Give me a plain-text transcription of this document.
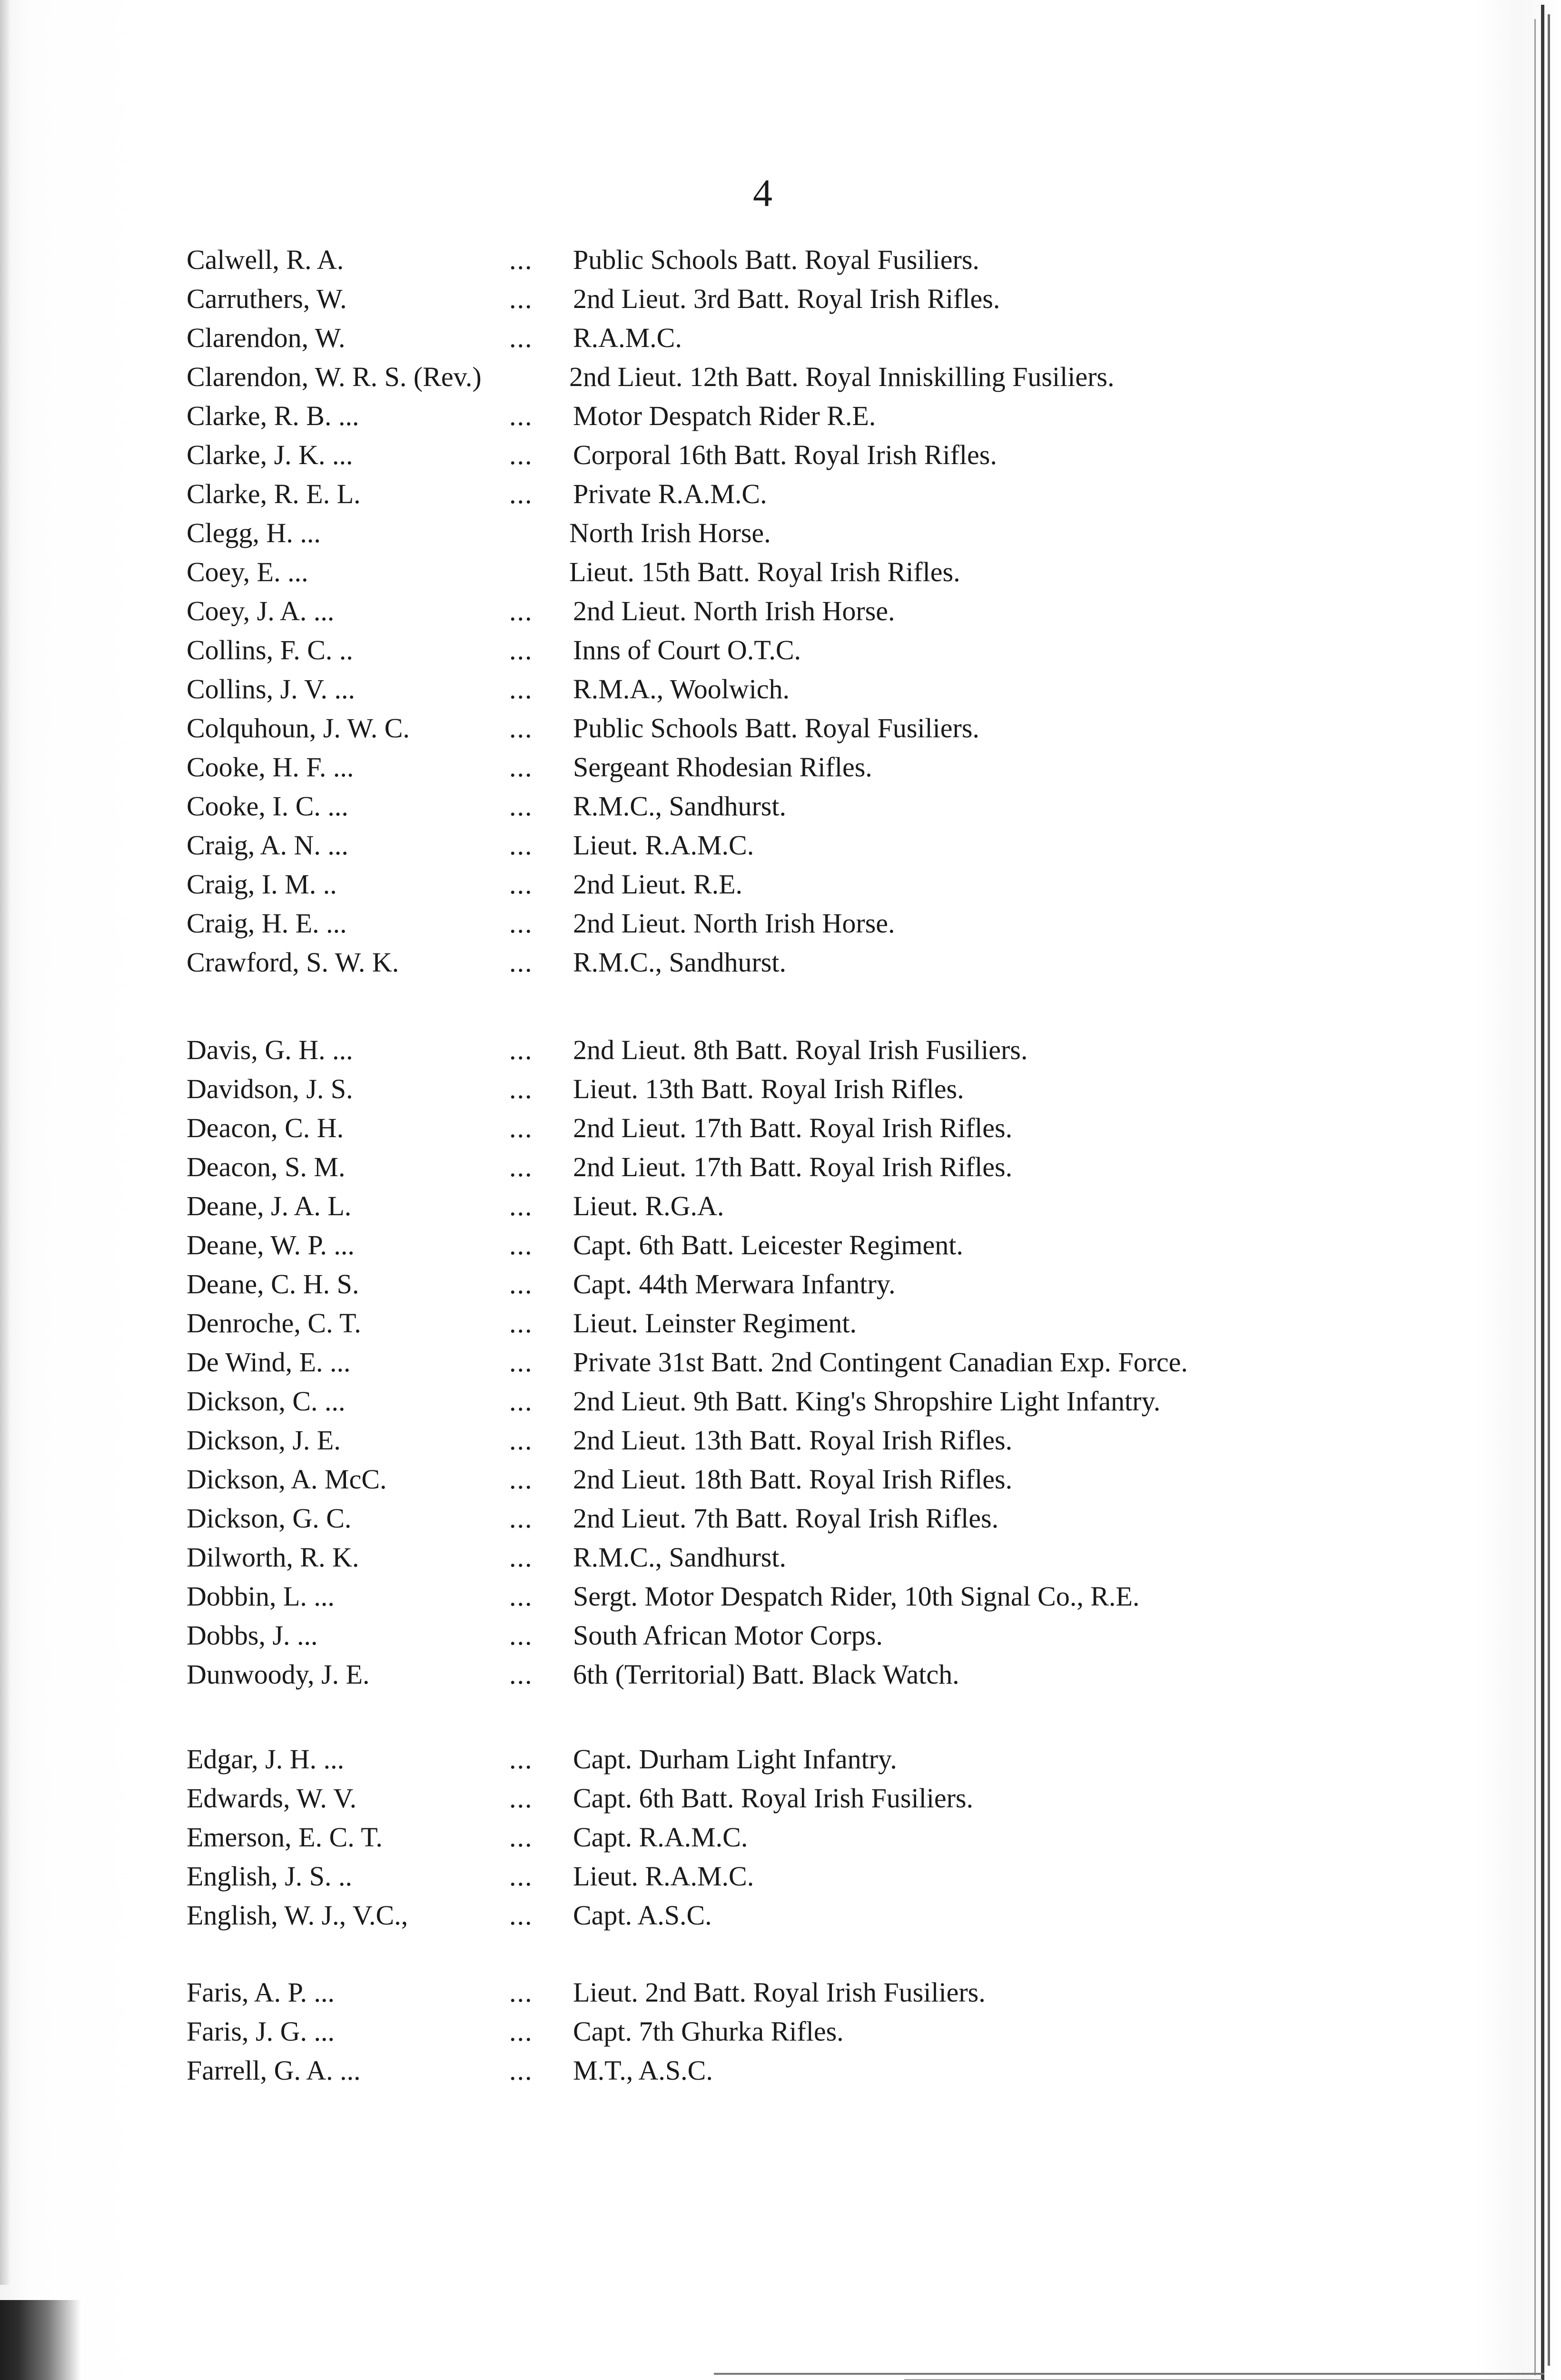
4
Calwell, R. A.	... Public Schools Batt. Royal Fusiliers.
Carruthers, W.	... 2nd Lieut. 3rd Batt. Royal Irish Rifles.
Clarendon, W.	... R.A.M.C.
Clarendon, W. R. S. (Rev.)	2nd Lieut. 12th Batt. Royal Inniskilling Fusiliers.
Clarke, R. B. ...	... Motor Despatch Rider R.E.
Clarke, J. K. ...	... Corporal 16th Batt. Royal Irish Rifles.
Clarke, R. E. L.	... Private R.A.M.C.
Clegg, H. ...	North Irish Horse.
Coey, E. ...	Lieut. 15th Batt. Royal Irish Rifles.
Coey, J. A. ...	... 2nd Lieut. North Irish Horse.
Collins, F. C. ..	... Inns of Court O.T.C.
Collins, J. V. ...	... R.M.A., Woolwich.
Colquhoun, J. W. C.	... Public Schools Batt. Royal Fusiliers.
Cooke, H. F. ...	... Sergeant Rhodesian Rifles.
Cooke, I. C. ...	... R.M.C., Sandhurst.
Craig, A. N. ...	... Lieut. R.A.M.C.
Craig, I. M. ..	... 2nd Lieut. R.E.
Craig, H. E. ...	... 2nd Lieut. North Irish Horse.
Crawford, S. W. K.	... R.M.C., Sandhurst.
Davis, G. H. ...	... 2nd Lieut. 8th Batt. Royal Irish Fusiliers.
Davidson, J. S.	... Lieut. 13th Batt. Royal Irish Rifles.
Deacon, C. H.	... 2nd Lieut. 17th Batt. Royal Irish Rifles.
Deacon, S. M.	... 2nd Lieut. 17th Batt. Royal Irish Rifles.
Deane, J. A. L.	... Lieut. R.G.A.
Deane, W. P. ...	... Capt. 6th Batt. Leicester Regiment.
Deane, C. H. S.	... Capt. 44th Merwara Infantry.
Denroche, C. T.	... Lieut. Leinster Regiment.
De Wind, E. ...	... Private 31st Batt. 2nd Contingent Canadian Exp. Force.
Dickson, C. ...	... 2nd Lieut. 9th Batt. King's Shropshire Light Infantry.
Dickson, J. E.	... 2nd Lieut. 13th Batt. Royal Irish Rifles.
Dickson, A. McC.	... 2nd Lieut. 18th Batt. Royal Irish Rifles.
Dickson, G. C.	... 2nd Lieut. 7th Batt. Royal Irish Rifles.
Dilworth, R. K.	... R.M.C., Sandhurst.
Dobbin, L. ...	... Sergt. Motor Despatch Rider, 10th Signal Co., R.E.
Dobbs, J. ...	... South African Motor Corps.
Dunwoody, J. E.	... 6th (Territorial) Batt. Black Watch.
Edgar, J. H. ...	... Capt. Durham Light Infantry.
Edwards, W. V.	... Capt. 6th Batt. Royal Irish Fusiliers.
Emerson, E. C. T.	... Capt. R.A.M.C.
English, J. S. ..	... Lieut. R.A.M.C.
English, W. J., V.C.,	... Capt. A.S.C.
Faris, A. P. ...	... Lieut. 2nd Batt. Royal Irish Fusiliers.
Faris, J. G. ...	... Capt. 7th Ghurka Rifles.
Farrell, G. A. ...	... M.T., A.S.C.
